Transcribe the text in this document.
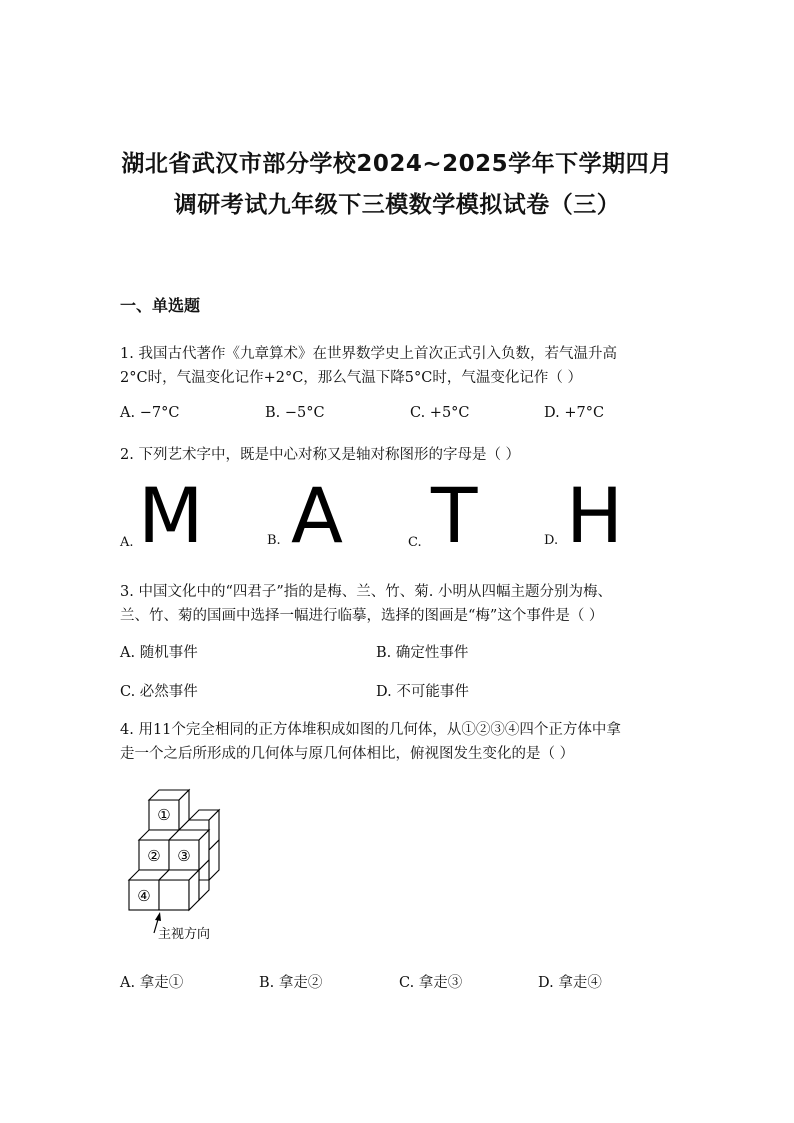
湖北省武汉市部分学校2024~2025学年下学期四月
调研考试九年级下三模数学模拟试卷（三）
一、单选题
1. 我国古代著作《九章算术》在世界数学史上首次正式引入负数，若气温升高
2°C时，气温变化记作+2°C，那么气温下降5°C时，气温变化记作（ ）
A. −7°C	B. −5°C	C. +5°C	D. +7°C
2. 下列艺术字中，既是中心对称又是轴对称图形的字母是（ ）
A. M	B. A	C. T	D. H
3. 中国文化中的“四君子”指的是梅、兰、竹、菊. 小明从四幅主题分别为梅、
兰、竹、菊的国画中选择一幅进行临摹，选择的图画是“梅”这个事件是（ ）
A. 随机事件	B. 确定性事件
C. 必然事件	D. 不可能事件
4. 用11个完全相同的正方体堆积成如图的几何体，从①②③④四个正方体中拿
走一个之后所形成的几何体与原几何体相比，俯视图发生变化的是（ ）
①
② ③
④
主视方向
A. 拿走①	B. 拿走②	C. 拿走③	D. 拿走④
